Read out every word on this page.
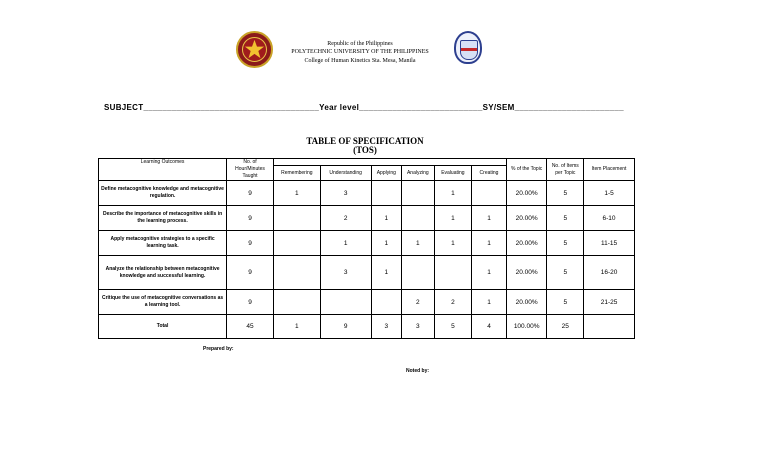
Republic of the Philippines
POLYTECHNIC UNIVERSITY OF THE PHILIPPINES
College of Human Kinetics Sta. Mesa, Manila
SUBJECT_____________________________________Year level__________________________SY/SEM_______________________
TABLE OF SPECIFICATION
(TOS)
Learning Outcomes	No. of Hour/Minutes Taught							% of the Topic	No. of Items per Topic	Item Placement
		Remembering	Understanding	Applying	Analyzing	Evaluating	Creating			
Define metacognitive knowledge and metacognitive regulation.	9	1	3			1		20.00%	5	1-5
Describe the importance of metacognitive skills in the learning process.	9		2	1		1	1	20.00%	5	6-10
Apply metacognitive strategies to a specific learning task.	9		1	1	1	1	1	20.00%	5	11-15
Analyze the relationship between metacognitive knowledge and successful learning.	9		3	1			1	20.00%	5	16-20
Critique the use of metacognitive conversations as a learning tool.	9				2	2	1	20.00%	5	21-25
Total	45	1	9	3	3	5	4	100.00%	25	
Prepared by:
Noted by:
